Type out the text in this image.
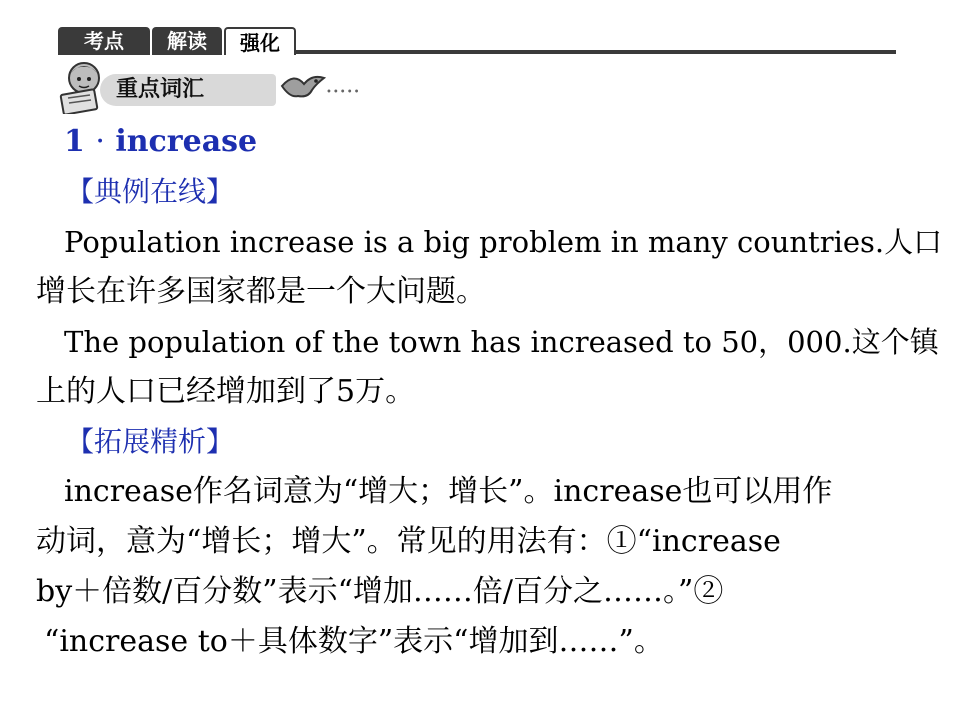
考点	解读	强化
重点词汇	•••••
1 · increase
【典例在线】
Population increase is a big problem in many countries.人口
增长在许多国家都是一个大问题。
The population of the town has increased to 50，000.这个镇
上的人口已经增加到了5万。
【拓展精析】
increase作名词意为“增大；增长”。increase也可以用作
动词，意为“增长；增大”。常见的用法有：①“increase
by＋倍数/百分数”表示“增加……倍/百分之……。”②
“increase to＋具体数字”表示“增加到……”。
